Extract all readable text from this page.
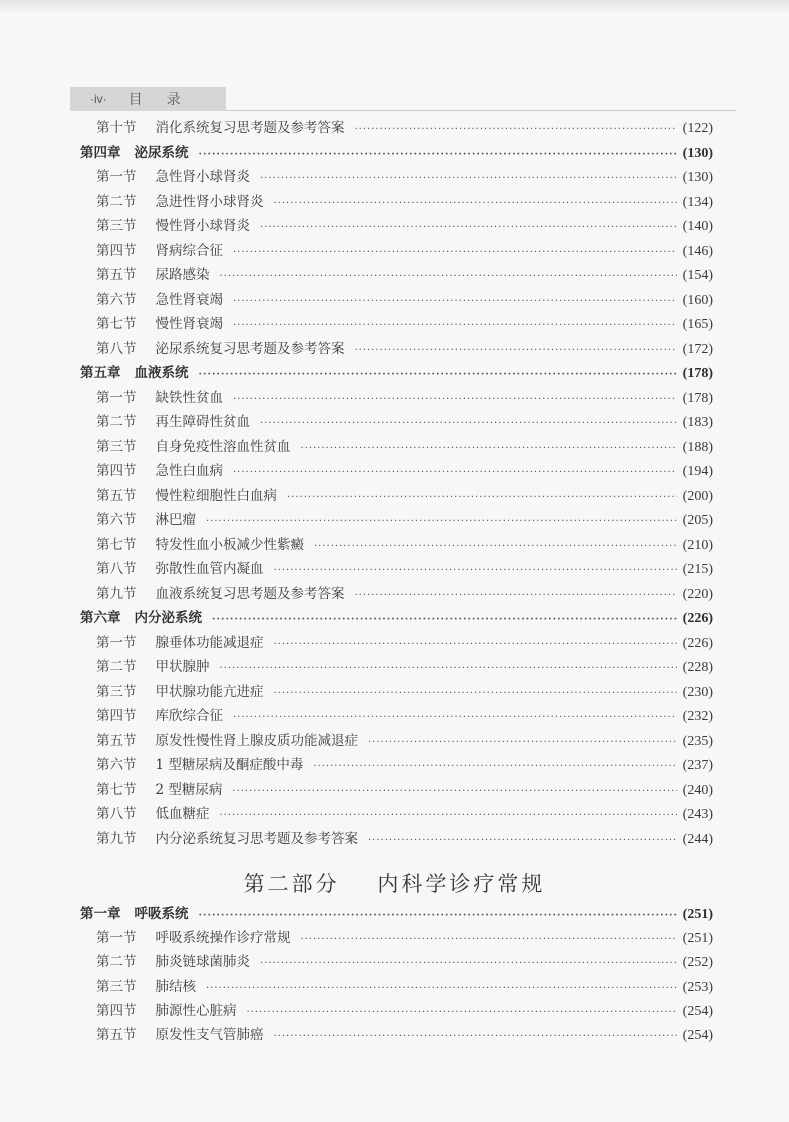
·iv· 目 录
第十节 消化系统复习思考题及参考答案 ·····	(122)
第四章 泌尿系统 ·····	(130)
第一节 急性肾小球肾炎 ·····	(130)
第二节 急进性肾小球肾炎 ·····	(134)
第三节 慢性肾小球肾炎 ·····	(140)
第四节 肾病综合征 ·····	(146)
第五节 尿路感染 ·····	(154)
第六节 急性肾衰竭 ·····	(160)
第七节 慢性肾衰竭 ·····	(165)
第八节 泌尿系统复习思考题及参考答案 ·····	(172)
第五章 血液系统 ·····	(178)
第一节 缺铁性贫血 ·····	(178)
第二节 再生障碍性贫血 ·····	(183)
第三节 自身免疫性溶血性贫血 ·····	(188)
第四节 急性白血病 ·····	(194)
第五节 慢性粒细胞性白血病 ·····	(200)
第六节 淋巴瘤 ·····	(205)
第七节 特发性血小板减少性紫癜 ·····	(210)
第八节 弥散性血管内凝血 ·····	(215)
第九节 血液系统复习思考题及参考答案 ·····	(220)
第六章 内分泌系统 ·····	(226)
第一节 腺垂体功能减退症 ·····	(226)
第二节 甲状腺肿 ·····	(228)
第三节 甲状腺功能亢进症 ·····	(230)
第四节 库欣综合征 ·····	(232)
第五节 原发性慢性肾上腺皮质功能减退症 ·····	(235)
第六节 1 型糖尿病及酮症酸中毒 ·····	(237)
第七节 2 型糖尿病 ·····	(240)
第八节 低血糖症 ·····	(243)
第九节 内分泌系统复习思考题及参考答案 ·····	(244)
第一章 呼吸系统 ·····	(251)
第一节 呼吸系统操作诊疗常规 ·····	(251)
第二节 肺炎链球菌肺炎 ·····	(252)
第三节 肺结核 ·····	(253)
第四节 肺源性心脏病 ·····	(254)
第五节 原发性支气管肺癌 ·····	(254)
第二部分 内科学诊疗常规
